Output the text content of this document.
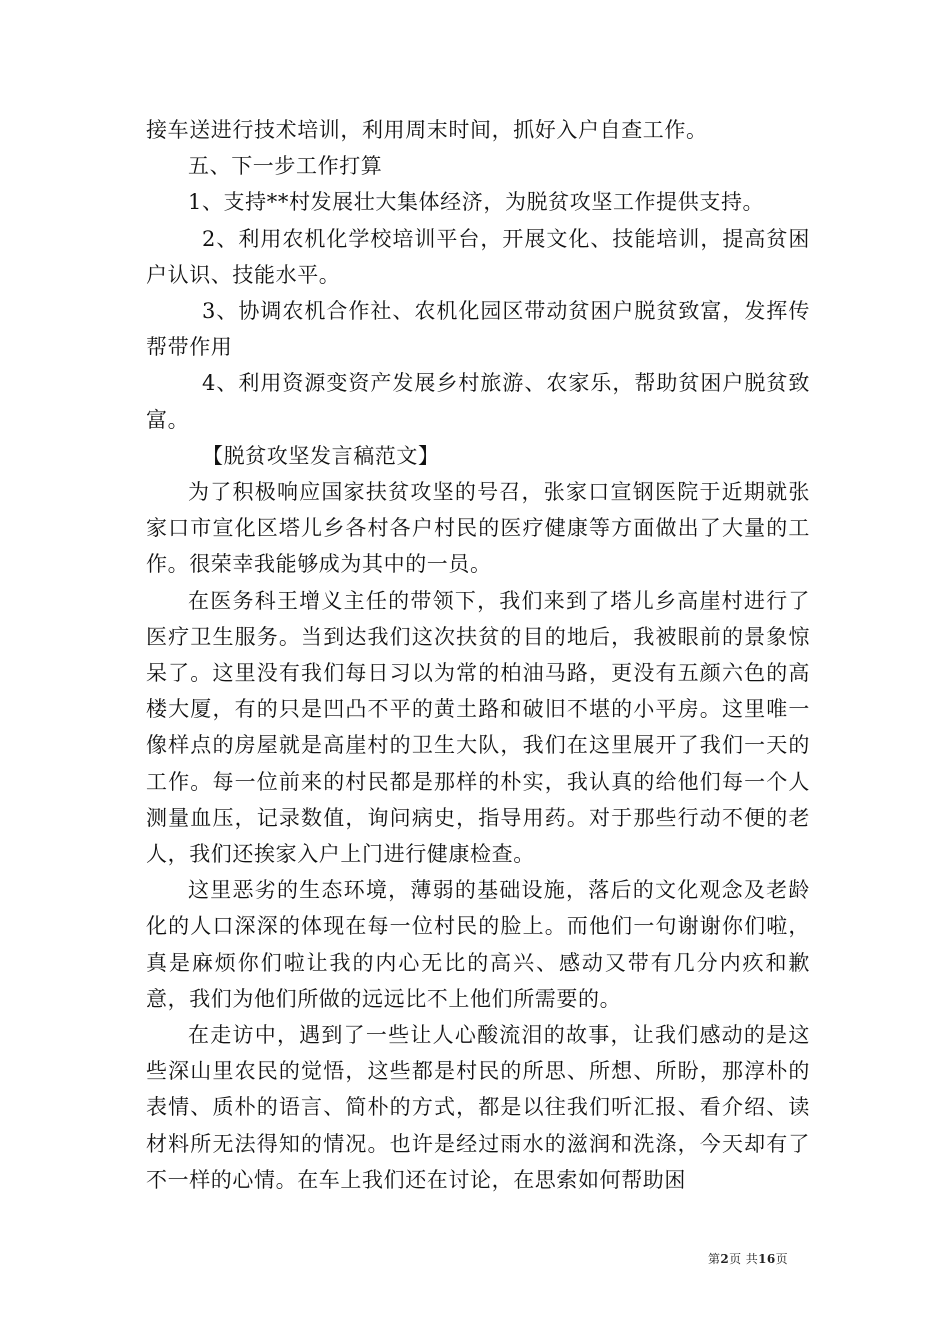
接车送进行技术培训，利用周末时间，抓好入户自查工作。

五、下一步工作打算

1、支持**村发展壮大集体经济，为脱贫攻坚工作提供支持。

2、利用农机化学校培训平台，开展文化、技能培训，提高贫困户认识、技能水平。

3、协调农机合作社、农机化园区带动贫困户脱贫致富，发挥传帮带作用

4、利用资源变资产发展乡村旅游、农家乐，帮助贫困户脱贫致富。

【脱贫攻坚发言稿范文】

为了积极响应国家扶贫攻坚的号召，张家口宣钢医院于近期就张家口市宣化区塔儿乡各村各户村民的医疗健康等方面做出了大量的工作。很荣幸我能够成为其中的一员。

在医务科王增义主任的带领下，我们来到了塔儿乡高崖村进行了医疗卫生服务。当到达我们这次扶贫的目的地后，我被眼前的景象惊呆了。这里没有我们每日习以为常的柏油马路，更没有五颜六色的高楼大厦，有的只是凹凸不平的黄土路和破旧不堪的小平房。这里唯一像样点的房屋就是高崖村的卫生大队，我们在这里展开了我们一天的工作。每一位前来的村民都是那样的朴实，我认真的给他们每一个人测量血压，记录数值，询问病史，指导用药。对于那些行动不便的老人，我们还挨家入户上门进行健康检查。

这里恶劣的生态环境，薄弱的基础设施，落后的文化观念及老龄化的人口深深的体现在每一位村民的脸上。而他们一句谢谢你们啦，真是麻烦你们啦让我的内心无比的高兴、感动又带有几分内疚和歉意，我们为他们所做的远远比不上他们所需要的。

在走访中，遇到了一些让人心酸流泪的故事，让我们感动的是这些深山里农民的觉悟，这些都是村民的所思、所想、所盼，那淳朴的表情、质朴的语言、简朴的方式，都是以往我们听汇报、看介绍、读材料所无法得知的情况。也许是经过雨水的滋润和洗涤，今天却有了不一样的心情。在车上我们还在讨论，在思索如何帮助困

第2页 共16页
